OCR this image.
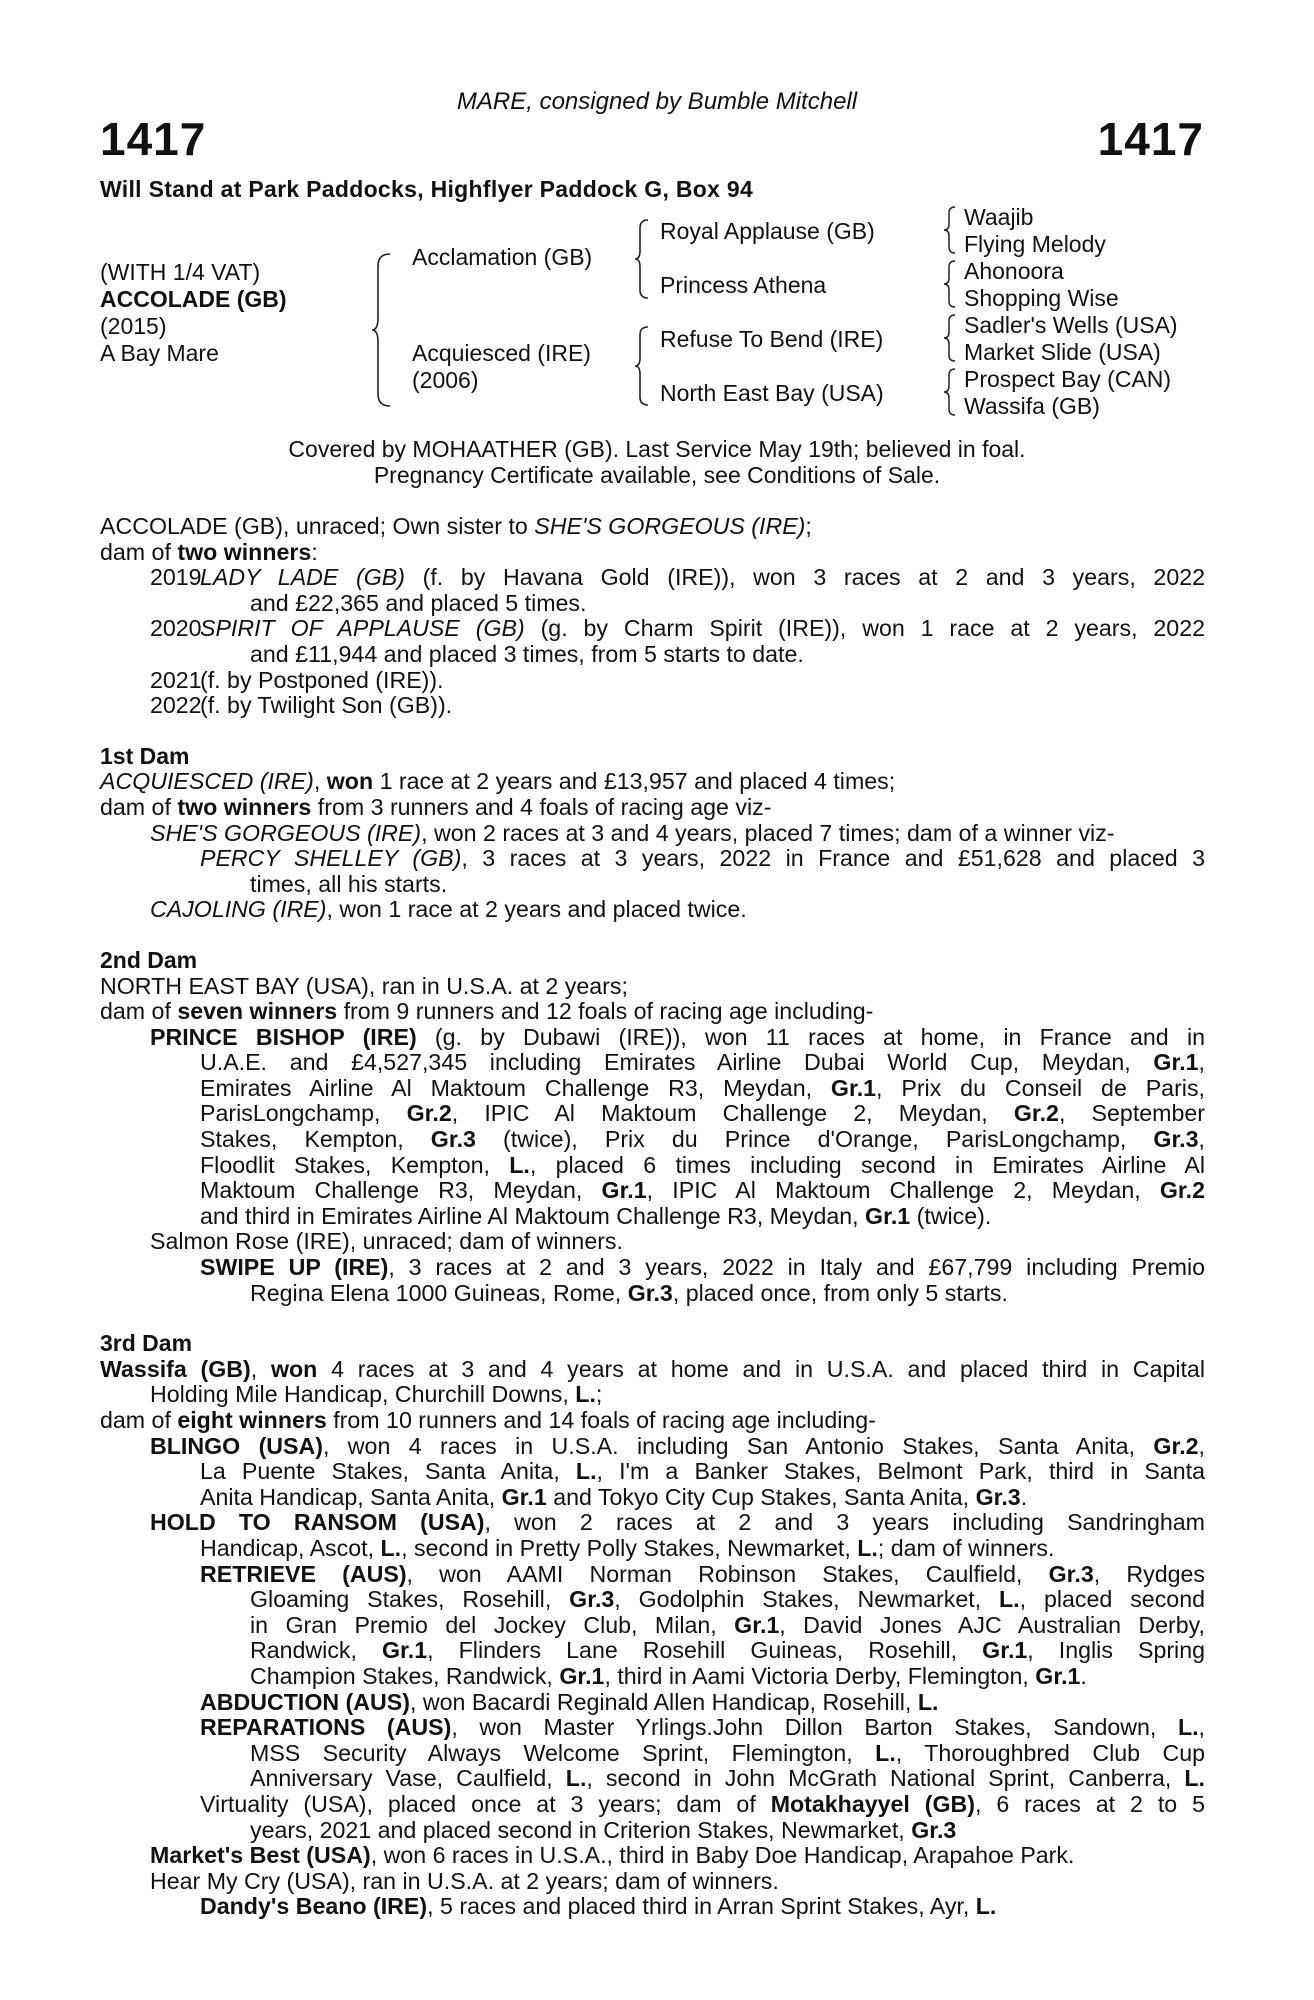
MARE, consigned by Bumble Mitchell
1417	1417
Will Stand at Park Paddocks, Highflyer Paddock G, Box 94
(WITH 1/4 VAT)
ACCOLADE (GB)
(2015)
A Bay Mare
Acclamation (GB)
Acquiesced (IRE)
(2006)
Royal Applause (GB)
Princess Athena
Refuse To Bend (IRE)
North East Bay (USA)
Waajib
Flying Melody
Ahonoora
Shopping Wise
Sadler's Wells (USA)
Market Slide (USA)
Prospect Bay (CAN)
Wassifa (GB)
Covered by MOHAATHER (GB). Last Service May 19th; believed in foal.
Pregnancy Certificate available, see Conditions of Sale.
ACCOLADE (GB), unraced; Own sister to SHE'S GORGEOUS (IRE);
dam of two winners:
2019LADY LADE (GB) (f. by Havana Gold (IRE)), won 3 races at 2 and 3 years, 2022
and £22,365 and placed 5 times.
2020SPIRIT OF APPLAUSE (GB) (g. by Charm Spirit (IRE)), won 1 race at 2 years, 2022
and £11,944 and placed 3 times, from 5 starts to date.
2021(f. by Postponed (IRE)).
2022(f. by Twilight Son (GB)).
1st Dam
ACQUIESCED (IRE), won 1 race at 2 years and £13,957 and placed 4 times;
dam of two winners from 3 runners and 4 foals of racing age viz-
SHE'S GORGEOUS (IRE), won 2 races at 3 and 4 years, placed 7 times; dam of a winner viz-
PERCY SHELLEY (GB), 3 races at 3 years, 2022 in France and £51,628 and placed 3
times, all his starts.
CAJOLING (IRE), won 1 race at 2 years and placed twice.
2nd Dam
NORTH EAST BAY (USA), ran in U.S.A. at 2 years;
dam of seven winners from 9 runners and 12 foals of racing age including-
PRINCE BISHOP (IRE) (g. by Dubawi (IRE)), won 11 races at home, in France and in
U.A.E. and £4,527,345 including Emirates Airline Dubai World Cup, Meydan, Gr.1,
Emirates Airline Al Maktoum Challenge R3, Meydan, Gr.1, Prix du Conseil de Paris,
ParisLongchamp, Gr.2, IPIC Al Maktoum Challenge 2, Meydan, Gr.2, September
Stakes, Kempton, Gr.3 (twice), Prix du Prince d'Orange, ParisLongchamp, Gr.3,
Floodlit Stakes, Kempton, L., placed 6 times including second in Emirates Airline Al
Maktoum Challenge R3, Meydan, Gr.1, IPIC Al Maktoum Challenge 2, Meydan, Gr.2
and third in Emirates Airline Al Maktoum Challenge R3, Meydan, Gr.1 (twice).
Salmon Rose (IRE), unraced; dam of winners.
SWIPE UP (IRE), 3 races at 2 and 3 years, 2022 in Italy and £67,799 including Premio
Regina Elena 1000 Guineas, Rome, Gr.3, placed once, from only 5 starts.
3rd Dam
Wassifa (GB), won 4 races at 3 and 4 years at home and in U.S.A. and placed third in Capital
Holding Mile Handicap, Churchill Downs, L.;
dam of eight winners from 10 runners and 14 foals of racing age including-
BLINGO (USA), won 4 races in U.S.A. including San Antonio Stakes, Santa Anita, Gr.2,
La Puente Stakes, Santa Anita, L., I'm a Banker Stakes, Belmont Park, third in Santa
Anita Handicap, Santa Anita, Gr.1 and Tokyo City Cup Stakes, Santa Anita, Gr.3.
HOLD TO RANSOM (USA), won 2 races at 2 and 3 years including Sandringham
Handicap, Ascot, L., second in Pretty Polly Stakes, Newmarket, L.; dam of winners.
RETRIEVE (AUS), won AAMI Norman Robinson Stakes, Caulfield, Gr.3, Rydges
Gloaming Stakes, Rosehill, Gr.3, Godolphin Stakes, Newmarket, L., placed second
in Gran Premio del Jockey Club, Milan, Gr.1, David Jones AJC Australian Derby,
Randwick, Gr.1, Flinders Lane Rosehill Guineas, Rosehill, Gr.1, Inglis Spring
Champion Stakes, Randwick, Gr.1, third in Aami Victoria Derby, Flemington, Gr.1.
ABDUCTION (AUS), won Bacardi Reginald Allen Handicap, Rosehill, L.
REPARATIONS (AUS), won Master Yrlings.John Dillon Barton Stakes, Sandown, L.,
MSS Security Always Welcome Sprint, Flemington, L., Thoroughbred Club Cup
Anniversary Vase, Caulfield, L., second in John McGrath National Sprint, Canberra, L.
Virtuality (USA), placed once at 3 years; dam of Motakhayyel (GB), 6 races at 2 to 5
years, 2021 and placed second in Criterion Stakes, Newmarket, Gr.3
Market's Best (USA), won 6 races in U.S.A., third in Baby Doe Handicap, Arapahoe Park.
Hear My Cry (USA), ran in U.S.A. at 2 years; dam of winners.
Dandy's Beano (IRE), 5 races and placed third in Arran Sprint Stakes, Ayr, L.
